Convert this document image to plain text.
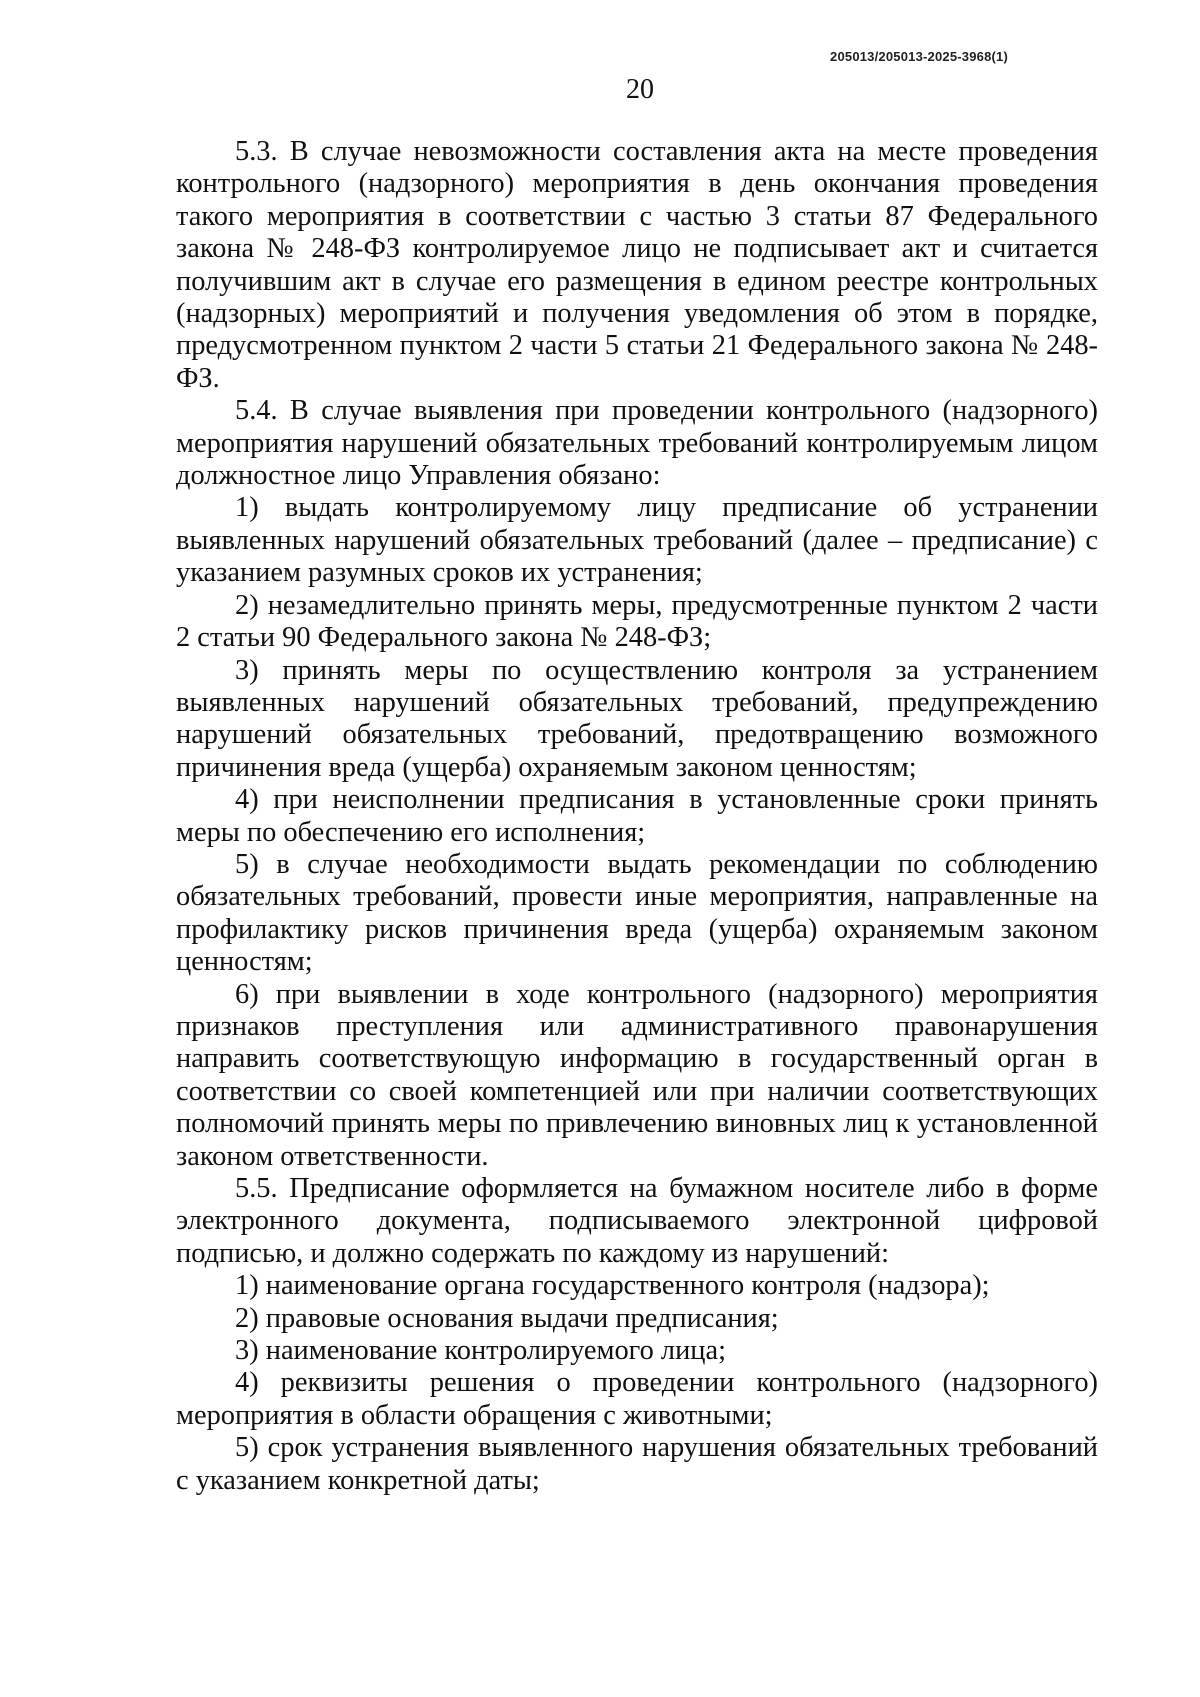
205013/205013-2025-3968(1)
20

5.3. В случае невозможности составления акта на месте проведения контрольного (надзорного) мероприятия в день окончания проведения такого мероприятия в соответствии с частью 3 статьи 87 Федерального закона № 248-ФЗ контролируемое лицо не подписывает акт и считается получившим акт в случае его размещения в едином реестре контрольных (надзорных) мероприятий и получения уведомления об этом в порядке, предусмотренном пунктом 2 части 5 статьи 21 Федерального закона № 248-ФЗ.

5.4. В случае выявления при проведении контрольного (надзорного) мероприятия нарушений обязательных требований контролируемым лицом должностное лицо Управления обязано:

1) выдать контролируемому лицу предписание об устранении выявленных нарушений обязательных требований (далее – предписание) с указанием разумных сроков их устранения;

2) незамедлительно принять меры, предусмотренные пунктом 2 части 2 статьи 90 Федерального закона № 248-ФЗ;

3) принять меры по осуществлению контроля за устранением выявленных нарушений обязательных требований, предупреждению нарушений обязательных требований, предотвращению возможного причинения вреда (ущерба) охраняемым законом ценностям;

4) при неисполнении предписания в установленные сроки принять меры по обеспечению его исполнения;

5) в случае необходимости выдать рекомендации по соблюдению обязательных требований, провести иные мероприятия, направленные на профилактику рисков причинения вреда (ущерба) охраняемым законом ценностям;

6) при выявлении в ходе контрольного (надзорного) мероприятия признаков преступления или административного правонарушения направить соответствующую информацию в государственный орган в соответствии со своей компетенцией или при наличии соответствующих полномочий принять меры по привлечению виновных лиц к установленной законом ответственности.

5.5. Предписание оформляется на бумажном носителе либо в форме электронного документа, подписываемого электронной цифровой подписью, и должно содержать по каждому из нарушений:

1) наименование органа государственного контроля (надзора);

2) правовые основания выдачи предписания;

3) наименование контролируемого лица;

4) реквизиты решения о проведении контрольного (надзорного) мероприятия в области обращения с животными;

5) срок устранения выявленного нарушения обязательных требований с указанием конкретной даты;
